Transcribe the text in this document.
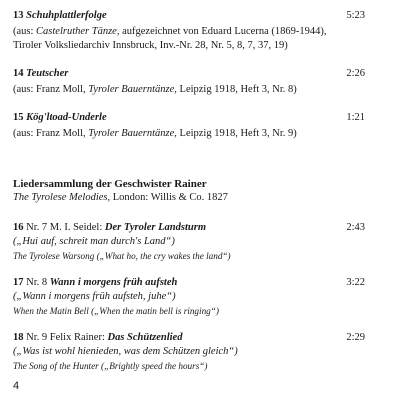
13 Schuhplattlerfolge	5:23
(aus: Castelruther Tänze, aufgezeichnet von Eduard Lucerna (1869-1944),
Tiroler Volksliedarchiv Innsbruck, Inv.-Nr. 28, Nr. 5, 8, 7, 37, 19)
14 Teutscher	2:26
(aus: Franz Moll, Tyroler Bauerntänze, Leipzig 1918, Heft 3, Nr. 8)
15 Kög'ltoad-Underle	1:21
(aus: Franz Moll, Tyroler Bauerntänze, Leipzig 1918, Heft 3, Nr. 9)
Liedersammlung der Geschwister Rainer
The Tyrolese Melodies, London: Willis & Co. 1827
16 Nr. 7 M. I. Seidel: Der Tyroler Landsturm	2:43
(„Hui auf, schreit man durch's Land“)
The Tyrolese Warsong („What ho, the cry wakes the land“)
17 Nr. 8 Wann i morgens früh aufsteh	3:22
(„Wann i morgens früh aufsteh, juhe“)
When the Matin Bell („When the matin bell is ringing“)
18 Nr. 9 Felix Rainer: Das Schützenlied	2:29
(„Was ist wohl hienieden, was dem Schützen gleich“)
The Song of the Hunter („Brightly speed the hours“)
4
